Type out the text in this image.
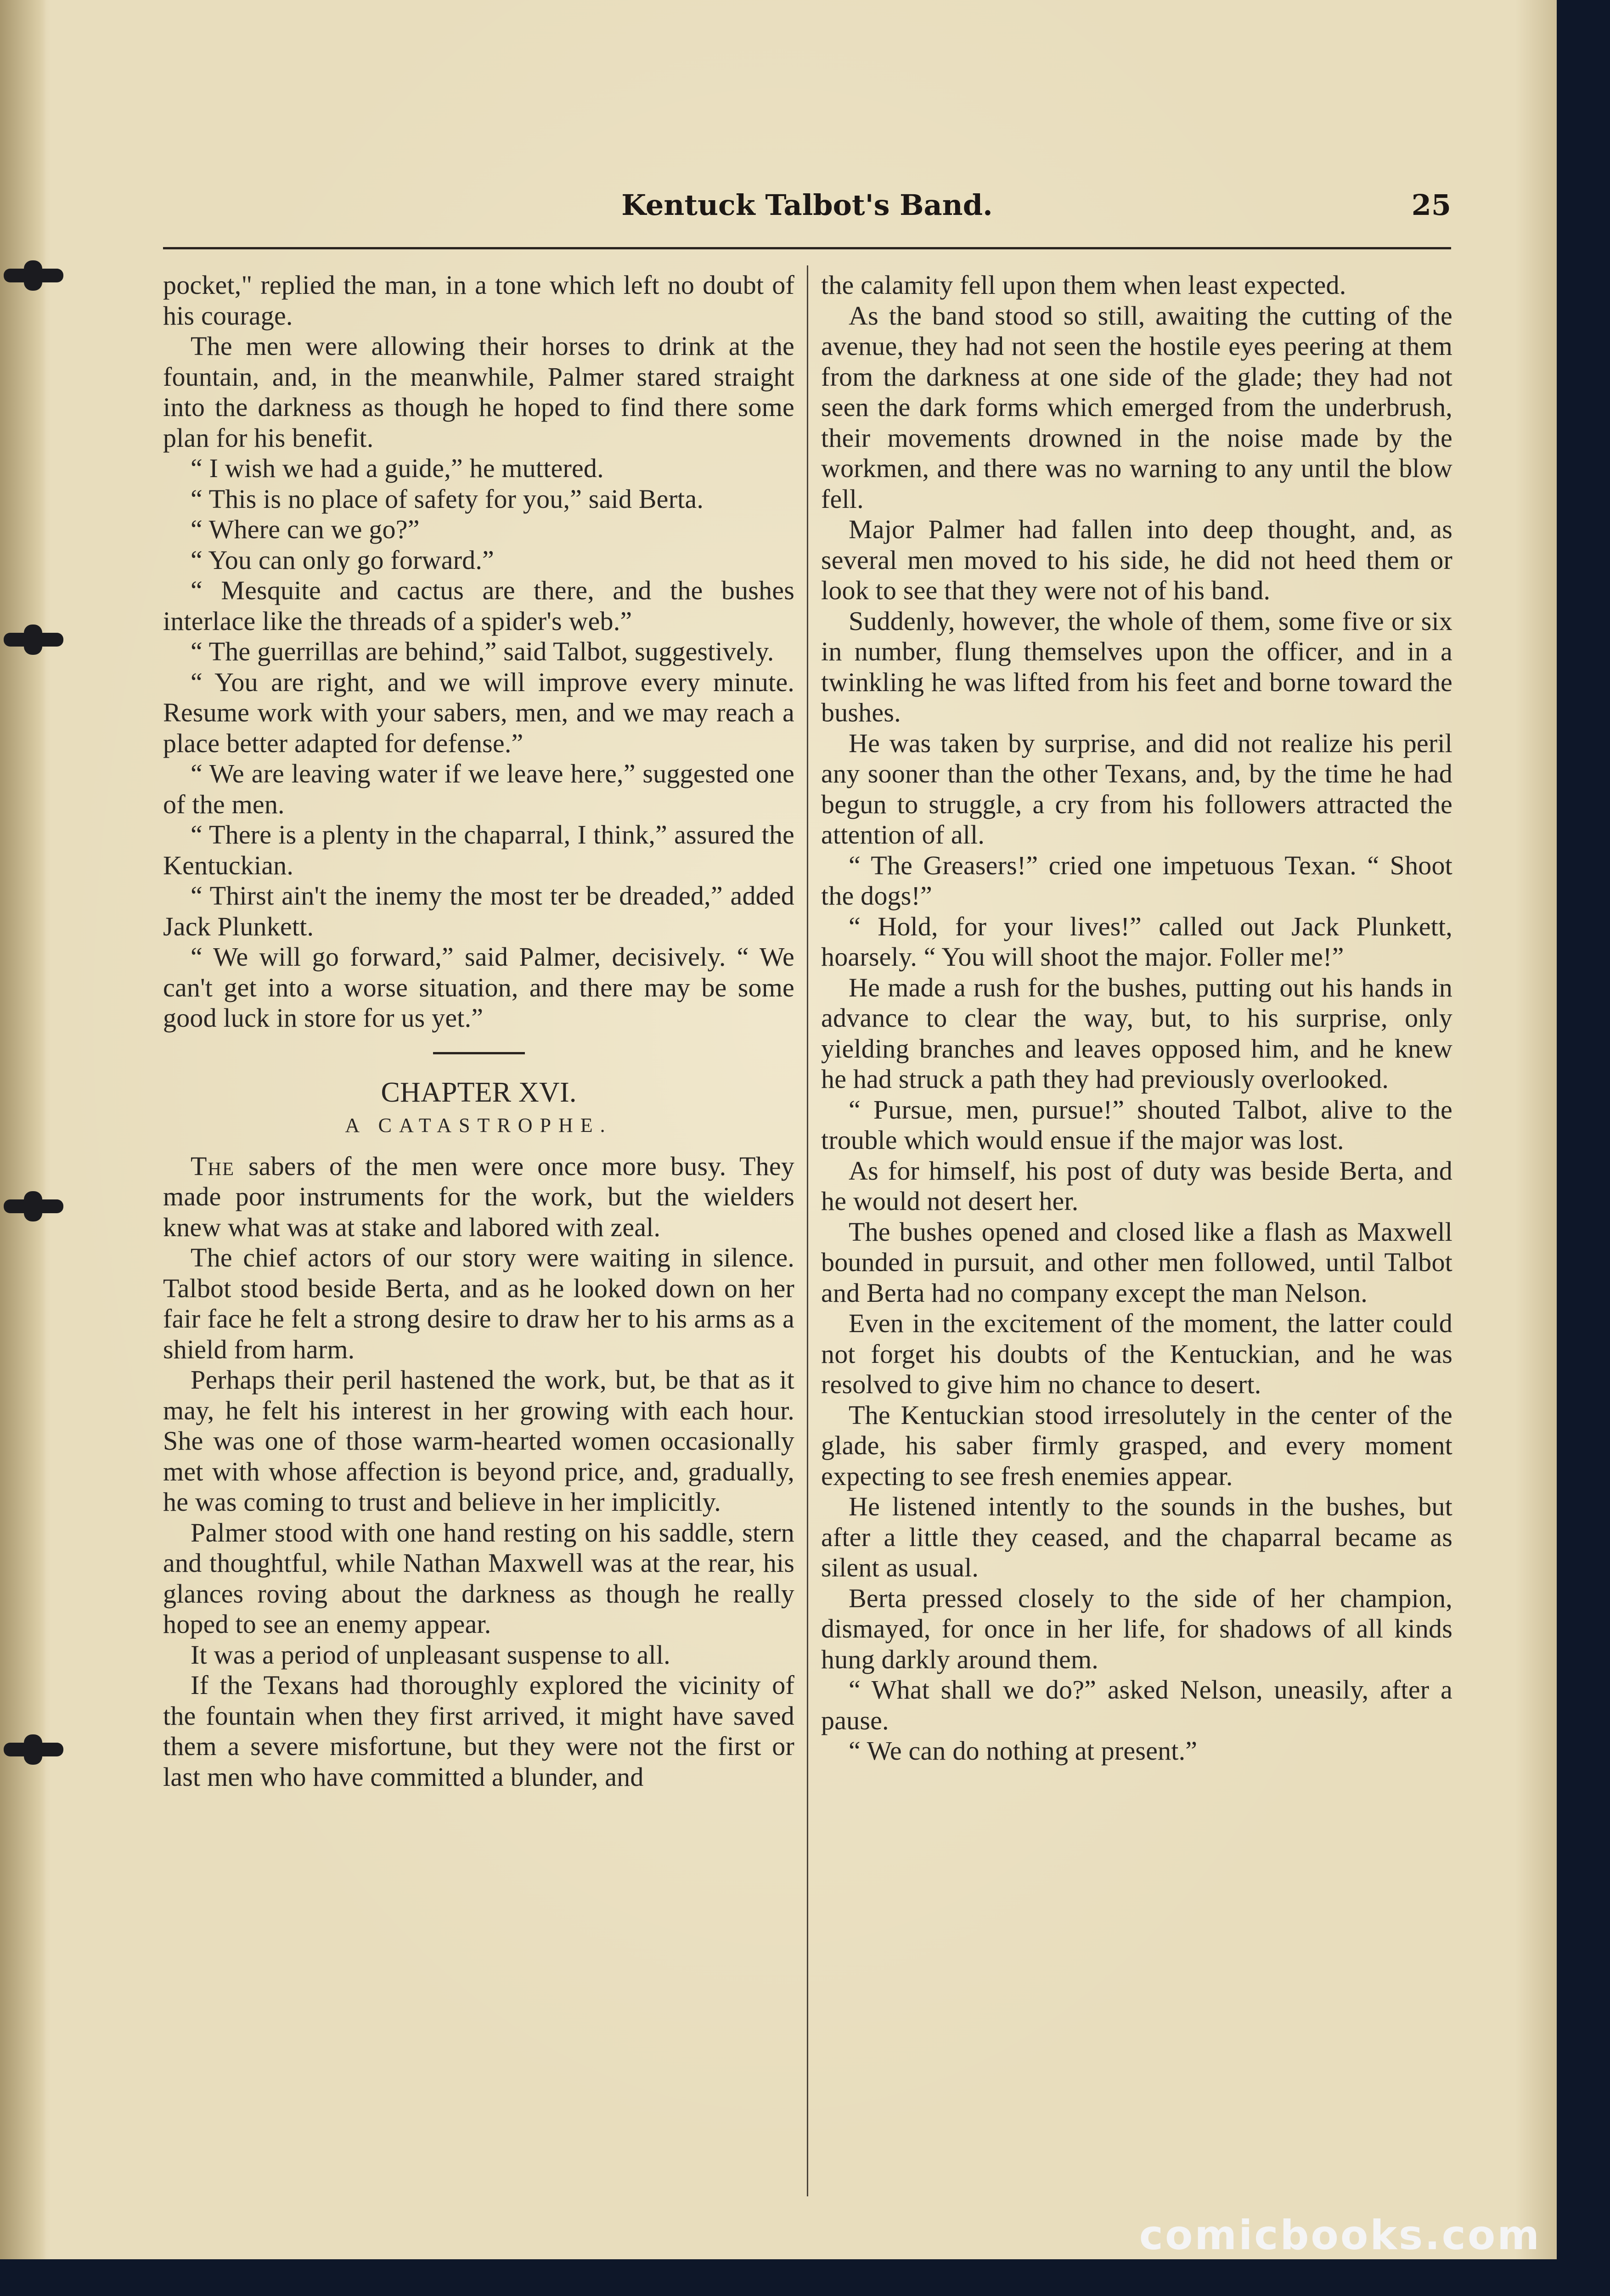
Kentuck Talbot's Band.	25

pocket," replied the man, in a tone which left no doubt of his courage.

The men were allowing their horses to drink at the fountain, and, in the meanwhile, Palmer stared straight into the darkness as though he hoped to find there some plan for his benefit.

“ I wish we had a guide,” he muttered.

“ This is no place of safety for you,” said Berta.

“ Where can we go?”

“ You can only go forward.”

“ Mesquite and cactus are there, and the bushes interlace like the threads of a spider's web.”

“ The guerrillas are behind,” said Talbot, suggestively.

“ You are right, and we will improve every minute. Resume work with your sabers, men, and we may reach a place better adapted for defense.”

“ We are leaving water if we leave here,” suggested one of the men.

“ There is a plenty in the chaparral, I think,” assured the Kentuckian.

“ Thirst ain't the inemy the most ter be dreaded,” added Jack Plunkett.

“ We will go forward,” said Palmer, decisively. “ We can't get into a worse situation, and there may be some good luck in store for us yet.”

CHAPTER XVI.
A CATASTROPHE.

The sabers of the men were once more busy. They made poor instruments for the work, but the wielders knew what was at stake and labored with zeal.

The chief actors of our story were waiting in silence. Talbot stood beside Berta, and as he looked down on her fair face he felt a strong desire to draw her to his arms as a shield from harm.

Perhaps their peril hastened the work, but, be that as it may, he felt his interest in her growing with each hour. She was one of those warm-hearted women occasionally met with whose affection is beyond price, and, gradually, he was coming to trust and believe in her implicitly.

Palmer stood with one hand resting on his saddle, stern and thoughtful, while Nathan Maxwell was at the rear, his glances roving about the darkness as though he really hoped to see an enemy appear.

It was a period of unpleasant suspense to all.

If the Texans had thoroughly explored the vicinity of the fountain when they first arrived, it might have saved them a severe misfortune, but they were not the first or last men who have committed a blunder, and

the calamity fell upon them when least expected.

As the band stood so still, awaiting the cutting of the avenue, they had not seen the hostile eyes peering at them from the darkness at one side of the glade; they had not seen the dark forms which emerged from the underbrush, their movements drowned in the noise made by the workmen, and there was no warning to any until the blow fell.

Major Palmer had fallen into deep thought, and, as several men moved to his side, he did not heed them or look to see that they were not of his band.

Suddenly, however, the whole of them, some five or six in number, flung themselves upon the officer, and in a twinkling he was lifted from his feet and borne toward the bushes.

He was taken by surprise, and did not realize his peril any sooner than the other Texans, and, by the time he had begun to struggle, a cry from his followers attracted the attention of all.

“ The Greasers!” cried one impetuous Texan. “ Shoot the dogs!”

“ Hold, for your lives!” called out Jack Plunkett, hoarsely. “ You will shoot the major. Foller me!”

He made a rush for the bushes, putting out his hands in advance to clear the way, but, to his surprise, only yielding branches and leaves opposed him, and he knew he had struck a path they had previously overlooked.

“ Pursue, men, pursue!” shouted Talbot, alive to the trouble which would ensue if the major was lost.

As for himself, his post of duty was beside Berta, and he would not desert her.

The bushes opened and closed like a flash as Maxwell bounded in pursuit, and other men followed, until Talbot and Berta had no company except the man Nelson.

Even in the excitement of the moment, the latter could not forget his doubts of the Kentuckian, and he was resolved to give him no chance to desert.

The Kentuckian stood irresolutely in the center of the glade, his saber firmly grasped, and every moment expecting to see fresh enemies appear.

He listened intently to the sounds in the bushes, but after a little they ceased, and the chaparral became as silent as usual.

Berta pressed closely to the side of her champion, dismayed, for once in her life, for shadows of all kinds hung darkly around them.

“ What shall we do?” asked Nelson, uneasily, after a pause.

“ We can do nothing at present.”

comicbooks.com
